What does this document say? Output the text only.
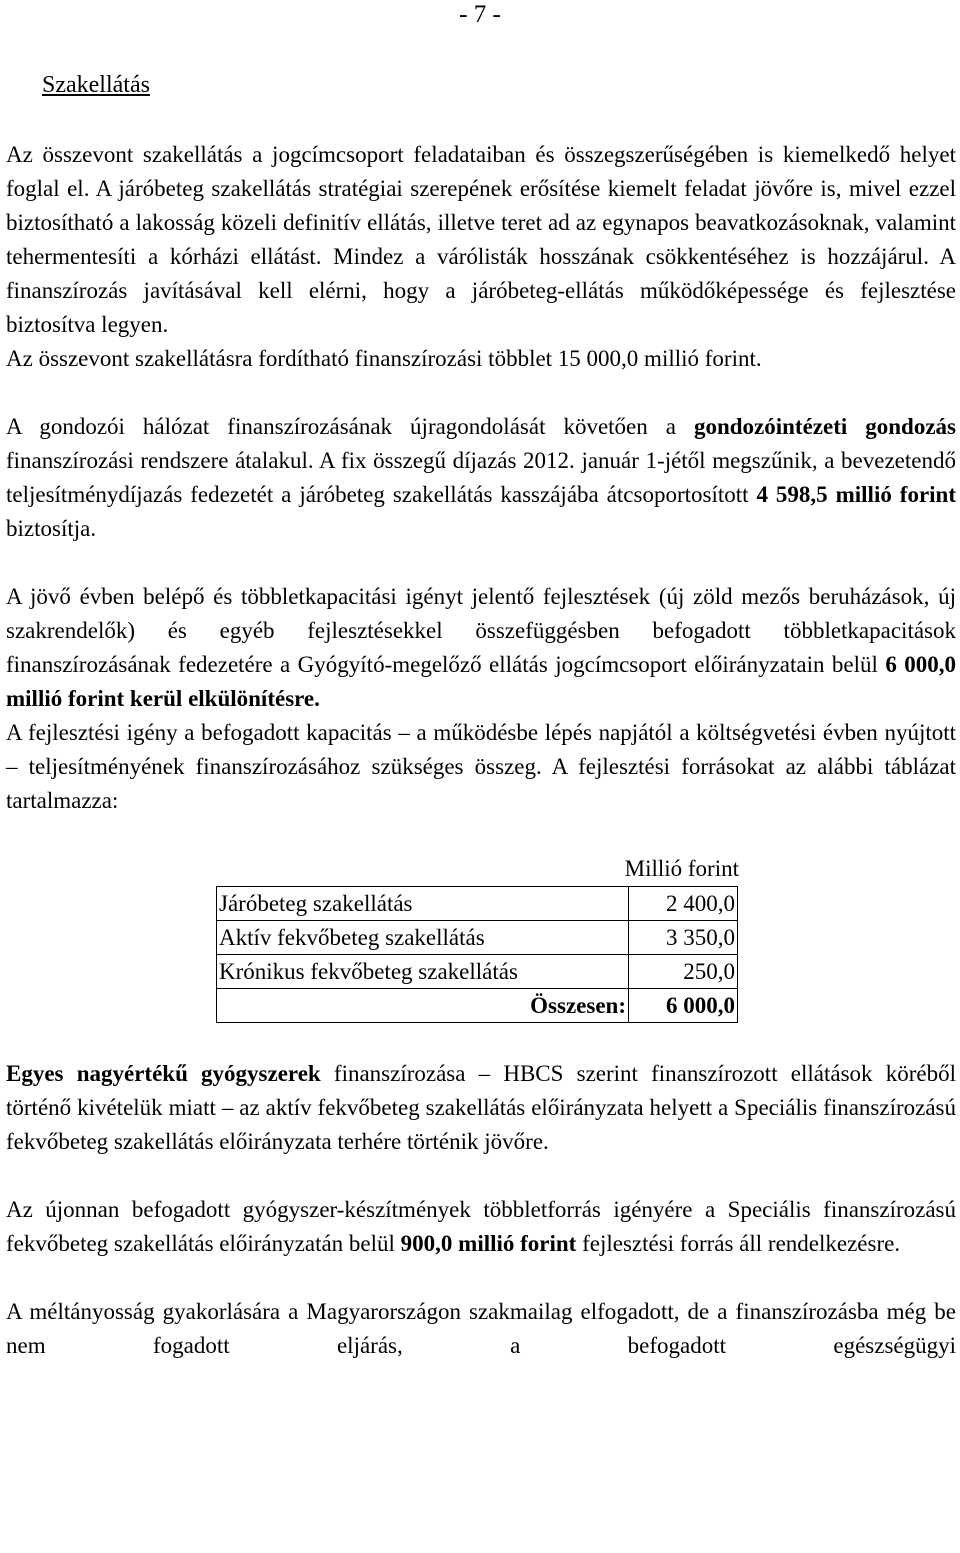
- 7 -
Szakellátás

Az összevont szakellátás a jogcímcsoport feladataiban és összegszerűségében is kiemelkedő helyet foglal el. A járóbeteg szakellátás stratégiai szerepének erősítése kiemelt feladat jövőre is, mivel ezzel biztosítható a lakosság közeli definitív ellátás, illetve teret ad az egynapos beavatkozásoknak, valamint tehermentesíti a kórházi ellátást. Mindez a várólisták hosszának csökkentéséhez is hozzájárul. A finanszírozás javításával kell elérni, hogy a járóbeteg-ellátás működőképessége és fejlesztése biztosítva legyen.
Az összevont szakellátásra fordítható finanszírozási többlet 15 000,0 millió forint.

A gondozói hálózat finanszírozásának újragondolását követően a gondozóintézeti gondozás finanszírozási rendszere átalakul. A fix összegű díjazás 2012. január 1-jétől megszűnik, a bevezetendő teljesítménydíjazás fedezetét a járóbeteg szakellátás kasszájába átcsoportosított 4 598,5 millió forint biztosítja.

A jövő évben belépő és többletkapacitási igényt jelentő fejlesztések (új zöld mezős beruházások, új szakrendelők) és egyéb fejlesztésekkel összefüggésben befogadott többletkapacitások finanszírozásának fedezetére a Gyógyító-megelőző ellátás jogcímcsoport előirányzatain belül 6 000,0 millió forint kerül elkülönítésre.
A fejlesztési igény a befogadott kapacitás – a működésbe lépés napjától a költségvetési évben nyújtott – teljesítményének finanszírozásához szükséges összeg. A fejlesztési forrásokat az alábbi táblázat tartalmazza:

Millió forint
Járóbeteg szakellátás	2 400,0
Aktív fekvőbeteg szakellátás	3 350,0
Krónikus fekvőbeteg szakellátás	250,0
Összesen:	6 000,0

Egyes nagyértékű gyógyszerek finanszírozása – HBCS szerint finanszírozott ellátások köréből történő kivételük miatt – az aktív fekvőbeteg szakellátás előirányzata helyett a Speciális finanszírozású fekvőbeteg szakellátás előirányzata terhére történik jövőre.

Az újonnan befogadott gyógyszer-készítmények többletforrás igényére a Speciális finanszírozású fekvőbeteg szakellátás előirányzatán belül 900,0 millió forint fejlesztési forrás áll rendelkezésre.

A méltányosság gyakorlására a Magyarországon szakmailag elfogadott, de a finanszírozásba még be nem fogadott eljárás, a befogadott egészségügyi
